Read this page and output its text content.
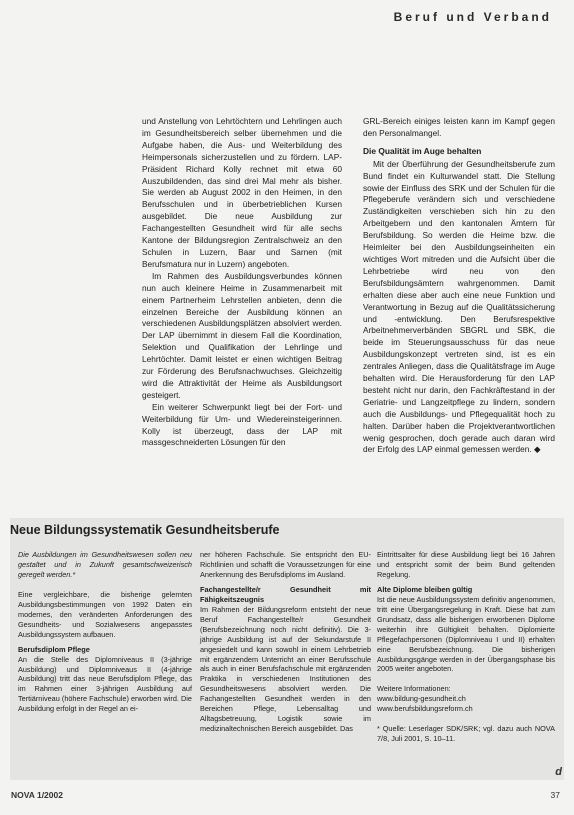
Beruf und Verband

und Anstellung von Lehrtöchtern und Lehrlingen auch im Gesundheitsbereich selber übernehmen und die Aufgabe haben, die Aus- und Weiterbildung des Heimpersonals sicherzustellen und zu fördern. LAP-Präsident Richard Kolly rechnet mit etwa 60 Auszubildenden, das sind drei Mal mehr als bisher. Sie werden ab August 2002 in den Heimen, in den Berufsschulen und in überbetrieblichen Kursen ausgebildet. Die neue Ausbildung zur Fachangestellten Gesundheit wird für alle sechs Kantone der Bildungsregion Zentralschweiz an den Schulen in Luzern, Baar und Sarnen (mit Berufsmatura nur in Luzern) angeboten.

Im Rahmen des Ausbildungsverbundes können nun auch kleinere Heime in Zusammenarbeit mit einem Partnerheim Lehrstellen anbieten, denn die einzelnen Bereiche der Ausbildung können an verschiedenen Ausbildungsplätzen absolviert werden. Der LAP übernimmt in diesem Fall die Koordination, Selektion und Qualifikation der Lehrlinge und Lehrtöchter. Damit leistet er einen wichtigen Beitrag zur Förderung des Berufsnachwuchses. Gleichzeitig wird die Attraktivität der Heime als Ausbildungsort gesteigert.

Ein weiterer Schwerpunkt liegt bei der Fort- und Weiterbildung für Um- und Wiedereinsteigerinnen. Kolly ist überzeugt, dass der LAP mit massgeschneiderten Lösungen für den

GRL-Bereich einiges leisten kann im Kampf gegen den Personalmangel.

Die Qualität im Auge behalten

Mit der Überführung der Gesundheitsberufe zum Bund findet ein Kulturwandel statt. Die Stellung sowie der Einfluss des SRK und der Schulen für die Pflegeberufe verändern sich und verschiedene Zuständigkeiten verschieben sich hin zu den Arbeitgebern und den kantonalen Ämtern für Berufsbildung. So werden die Heime bzw. die Heimleiter bei den Ausbildungseinheiten ein wichtiges Wort mitreden und die Aufsicht über die Lehrbetriebe wird neu von den Berufsbildungsämtern wahrgenommen. Damit erhalten diese aber auch eine neue Funktion und Verantwortung in Bezug auf die Qualitätssicherung und -entwicklung. Den Berufsrespektive Arbeitnehmerverbänden SBGRL und SBK, die beide im Steuerungsausschuss für das neue Ausbildungskonzept vertreten sind, ist es ein zentrales Anliegen, dass die Qualitätsfrage im Auge behalten wird. Die Herausforderung für den LAP besteht nicht nur darin, den Fachkräftestand in der Geriatrie- und Langzeitpflege zu lindern, sondern auch die Ausbildungs- und Pflegequalität hoch zu halten. Darüber haben die Projektverantwortlichen wenig gesprochen, doch gerade auch daran wird der Erfolg des LAP einmal gemessen werden. ◆

Neue Bildungssystematik Gesundheitsberufe

Die Ausbildungen im Gesundheitswesen sollen neu gestaltet und in Zukunft gesamtschweizerisch geregelt werden.*

Eine vergleichbare, die bisherige gelernten Ausbildungsbestimmungen von 1992 Daten ein modernes, den veränderten Anforderungen des Gesundheits- und Sozialwesens angepasstes Ausbildungssystem aufbauen.

Berufsdiplom Pflege

An die Stelle des Diplomniveaus II (3-jährige Ausbildung) und Diplomniveaus II (4-jährige Ausbildung) tritt das neue Berufsdiplom Pflege, das im Rahmen einer 3-jährigen Ausbildung auf Tertiärniveau (höhere Fachschule) erworben wird. Die Ausbildung erfolgt in der Regel an ei-

ner höheren Fachschule. Sie entspricht den EU-Richtlinien und schafft die Voraussetzungen für eine Anerkennung des Berufsdiploms im Ausland.

Fachangestellte/r Gesundheit mit Fähigkeitszeugnis

Im Rahmen der Bildungsreform entsteht der neue Beruf Fachangestellte/r Gesundheit (Berufsbezeichnung noch nicht definitiv). Die 3-jährige Ausbildung ist auf der Sekundarstufe II angesiedelt und kann sowohl in einem Lehrbetrieb mit ergänzendem Unterricht an einer Berufsschule als auch in einer Berufsfachschule mit ergänzenden Praktika in verschiedenen Institutionen des Gesundheitswesens absolviert werden. Die Fachangestellten Gesundheit werden in den Bereichen Pflege, Lebensalltag und Alltagsbetreuung, Logistik sowie im medizinaltechnischen Bereich ausgebildet. Das

Eintrittsalter für diese Ausbildung liegt bei 16 Jahren und entspricht somit der beim Bund geltenden Regelung.

Alte Diplome bleiben gültig

Ist die neue Ausbildungssystem definitiv angenommen, tritt eine Übergangsregelung in Kraft. Diese hat zum Grundsatz, dass alle bisherigen erworbenen Diplome weiterhin ihre Gültigkeit behalten. Diplomierte Pflegefachpersonen (Diplomniveau I und II) erhalten eine Berufsbezeichnung. Die bisherigen Ausbildungsgänge werden in der Übergangsphase bis 2005 weiter angeboten.

Weitere Informationen:

www.bildung-gesundheit.ch

www.berufsbildungsreform.ch

* Quelle: Leserlager SDK/SRK; vgl. dazu auch NOVA 7/8, Juli 2001, S. 10–11.

d
NOVA 1/2002	37
